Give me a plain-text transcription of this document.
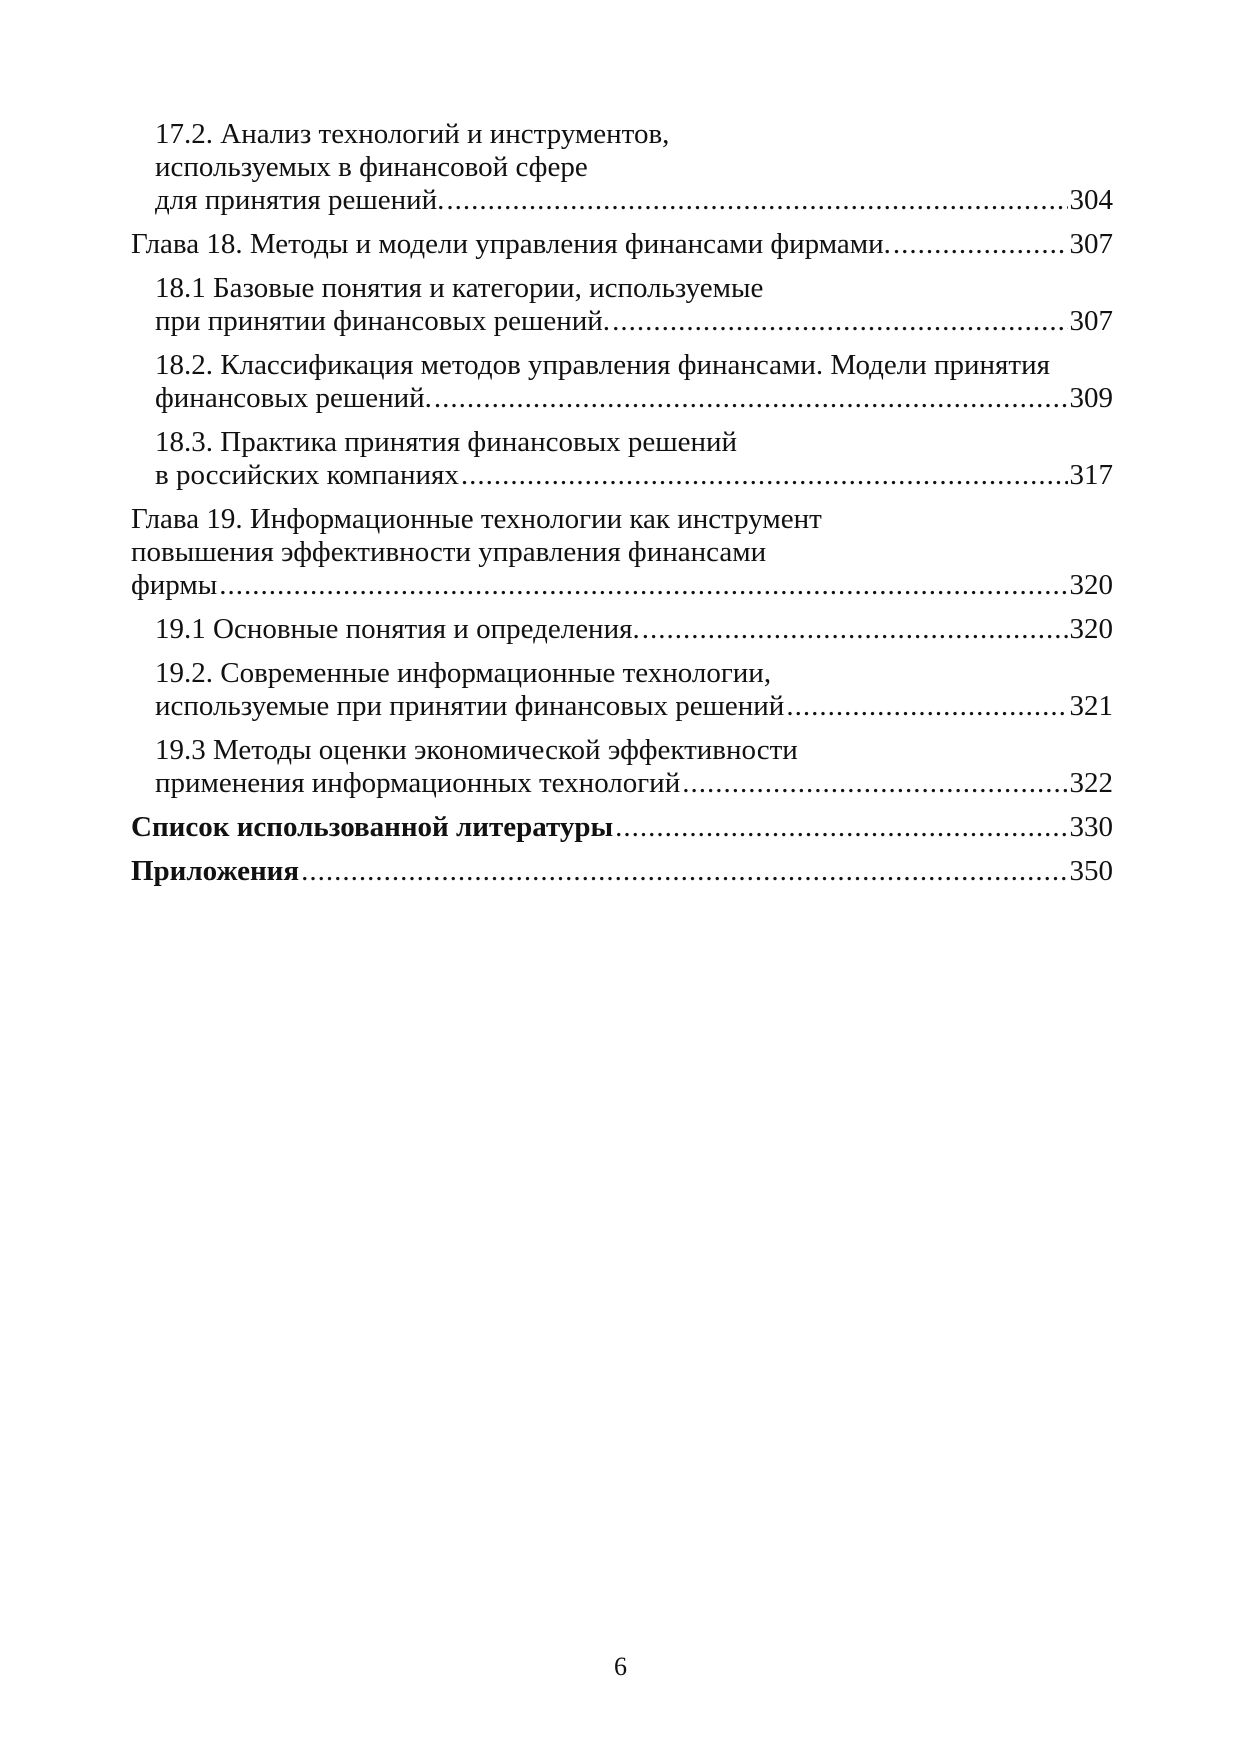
17.2. Анализ технологий и инструментов,
используемых в финансовой сфере
для принятия решений. .....	304
Глава 18. Методы и модели управления финансами фирмами. .....	307
18.1 Базовые понятия и категории, используемые
при принятии финансовых решений. .....	307
18.2. Классификация методов управления финансами. Модели принятия
финансовых решений. .....	309
18.3. Практика принятия финансовых решений
в российских компаниях .....	317
Глава 19. Информационные технологии как инструмент
повышения эффективности управления финансами
фирмы .....	320
19.1 Основные понятия и определения. .....	320
19.2. Современные информационные технологии,
используемые при принятии финансовых решений .....	321
19.3 Методы оценки экономической эффективности
применения информационных технологий .....	322
Список использованной литературы .....	330
Приложения .....	350
6
